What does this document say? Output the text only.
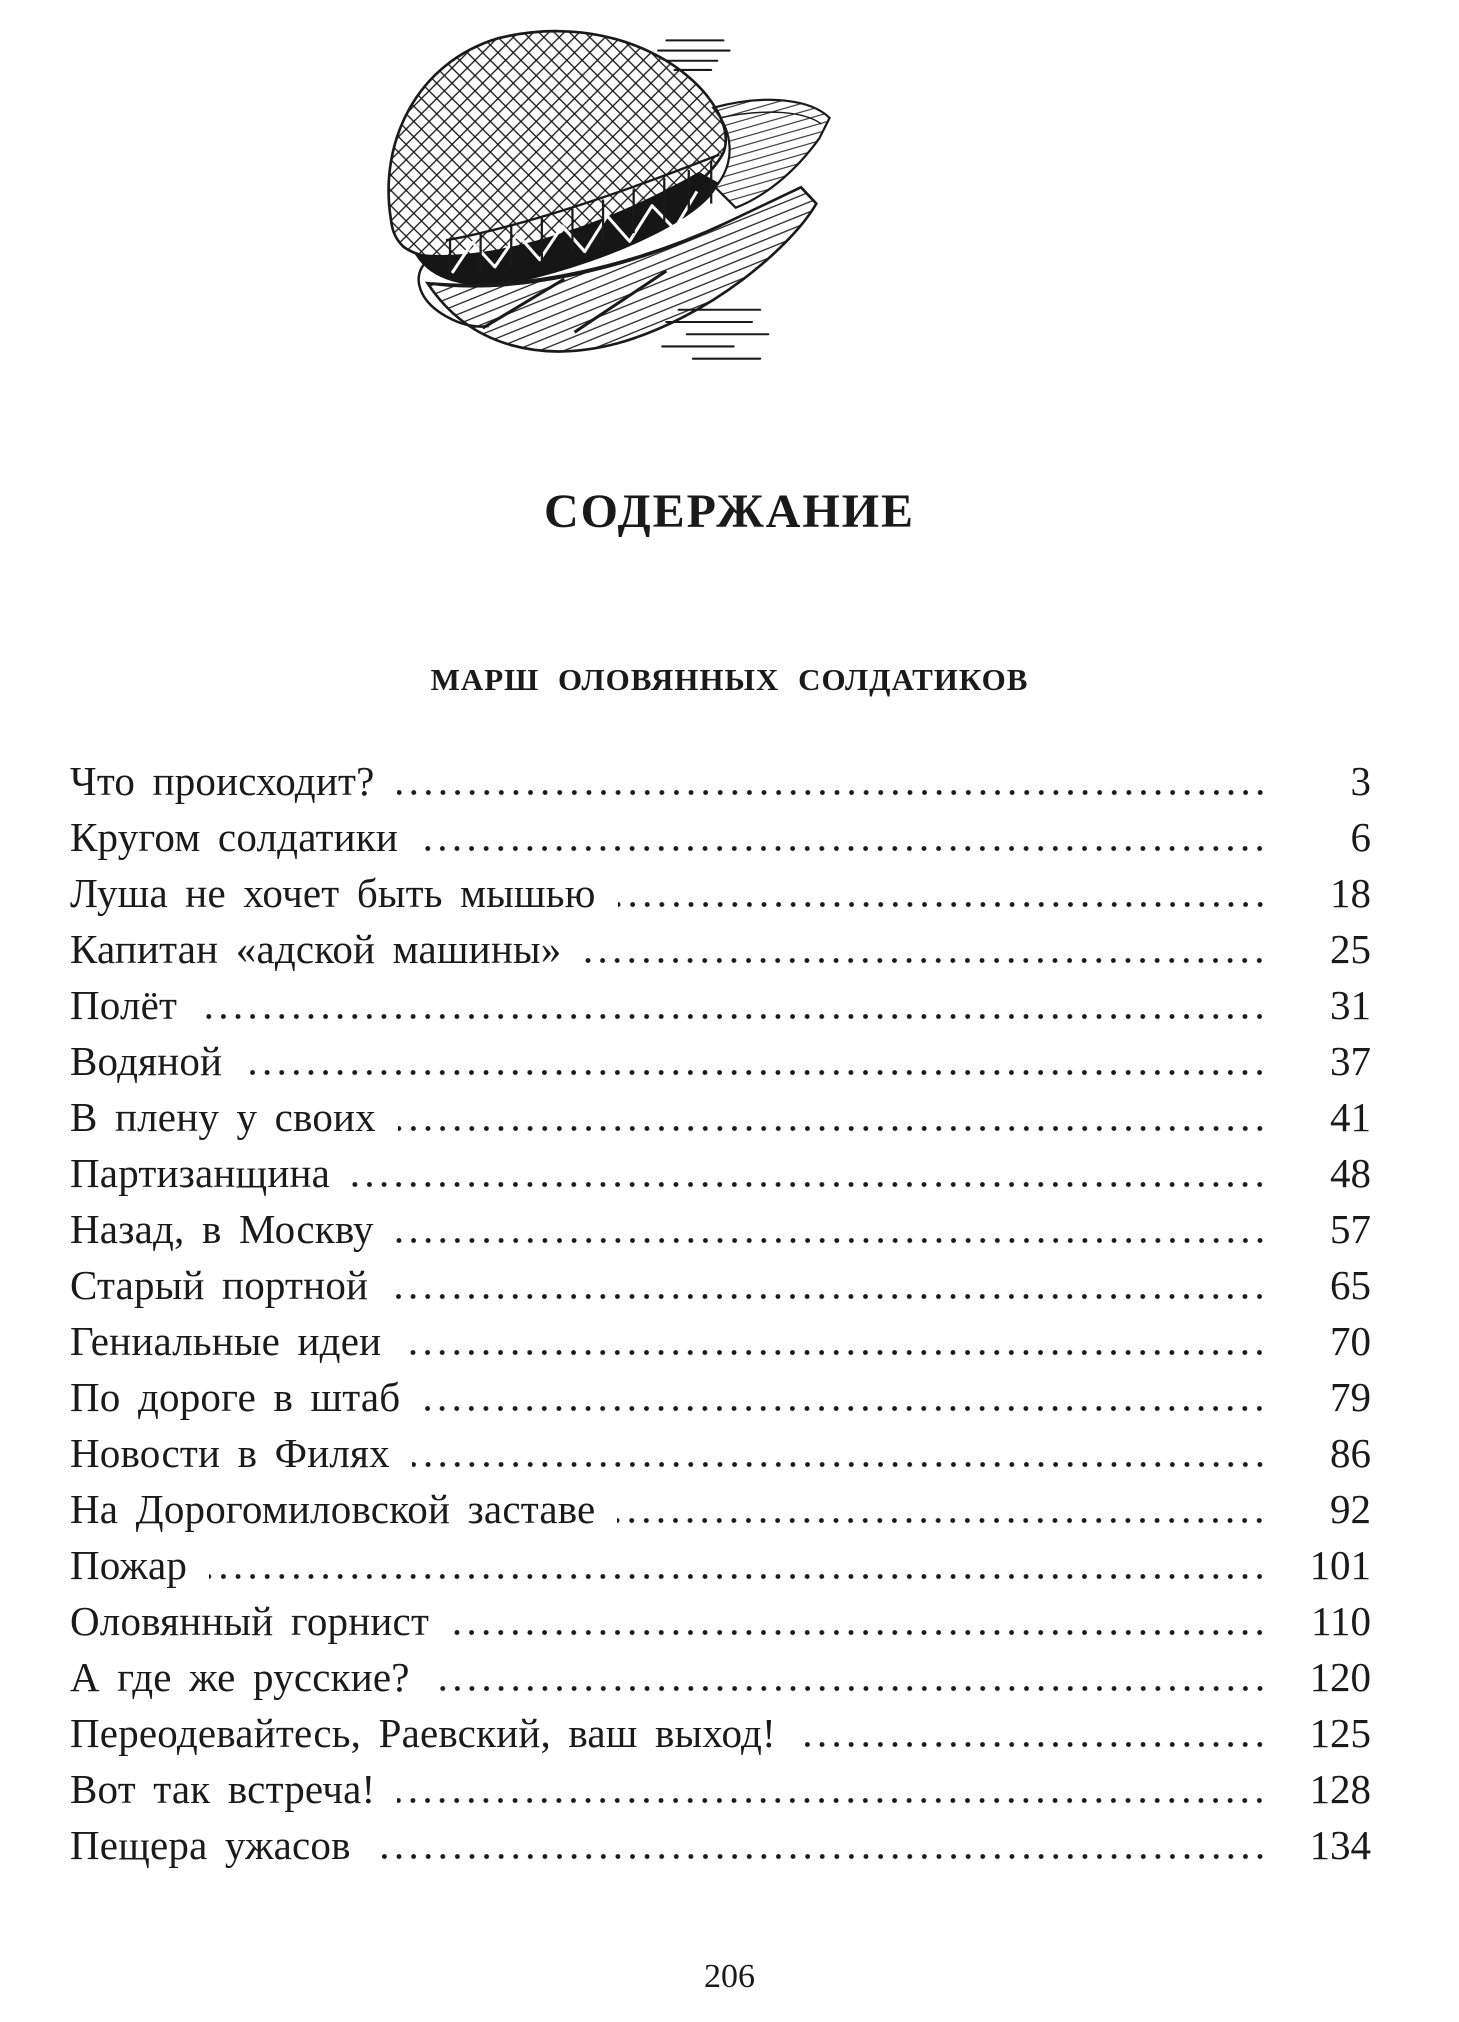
СОДЕРЖАНИЕ
МАРШ ОЛОВЯННЫХ СОЛДАТИКОВ
Что происходит?	3
Кругом солдатики	6
Луша не хочет быть мышью	18
Капитан «адской машины»	25
Полёт	31
Водяной	37
В плену у своих	41
Партизанщина	48
Назад, в Москву	57
Старый портной	65
Гениальные идеи	70
По дороге в штаб	79
Новости в Филях	86
На Дорогомиловской заставе	92
Пожар	101
Оловянный горнист	110
А где же русские?	120
Переодевайтесь, Раевский, ваш выход!	125
Вот так встреча!	128
Пещера ужасов	134
206
